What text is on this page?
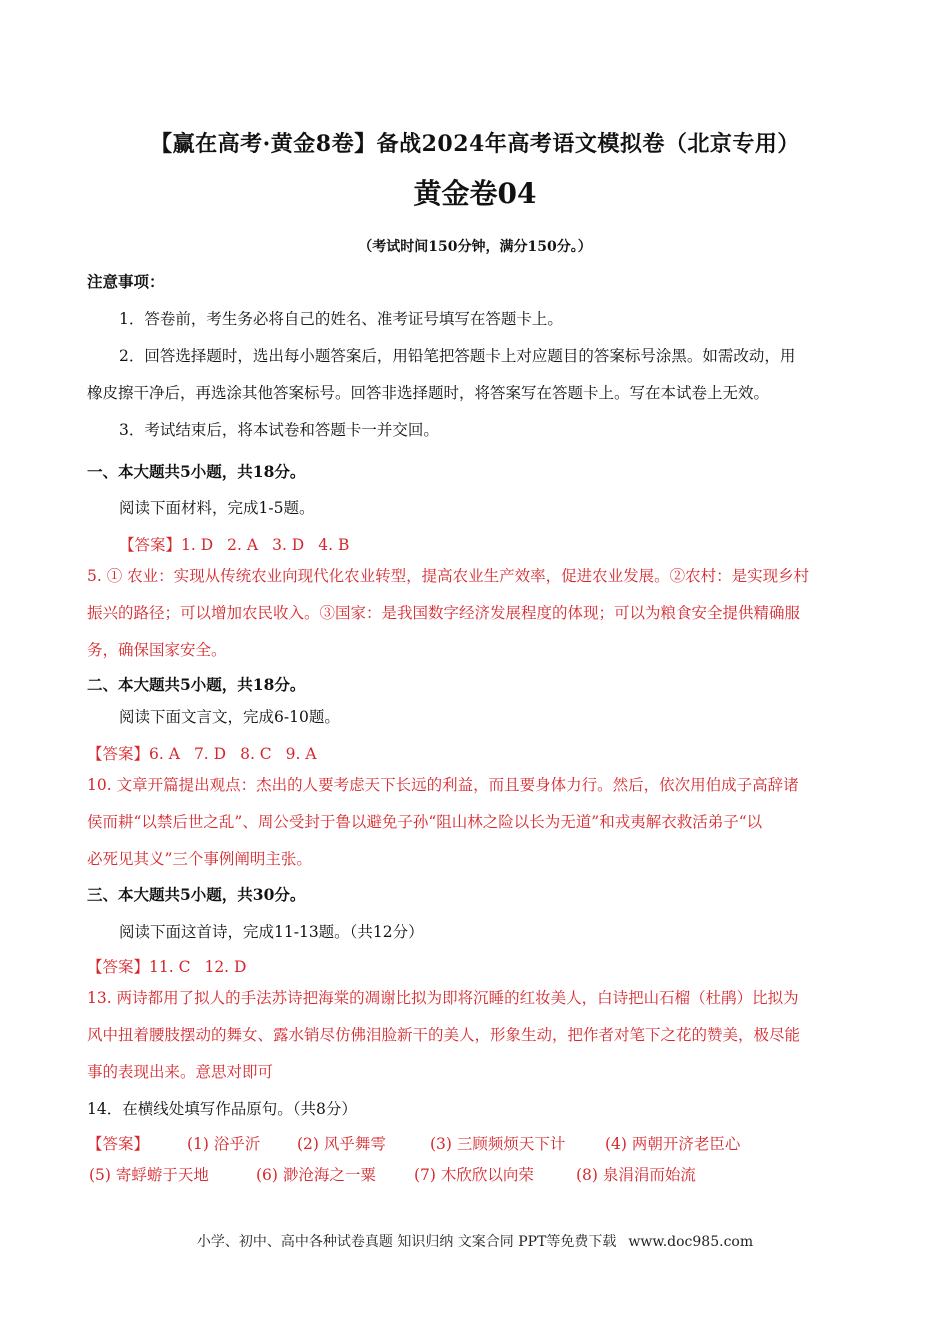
【赢在高考·黄金8卷】备战2024年高考语文模拟卷（北京专用）
黄金卷04
（考试时间150分钟，满分150分。）
注意事项：
1．答卷前，考生务必将自己的姓名、准考证号填写在答题卡上。
2．回答选择题时，选出每小题答案后，用铅笔把答题卡上对应题目的答案标号涂黑。如需改动，用
橡皮擦干净后，再选涂其他答案标号。回答非选择题时，将答案写在答题卡上。写在本试卷上无效。
3．考试结束后，将本试卷和答题卡一并交回。
一、本大题共5小题，共18分。
阅读下面材料，完成1-5题。
【答案】1. D 2. A 3. D 4. B
5. ① 农业：实现从传统农业向现代化农业转型，提高农业生产效率，促进农业发展。②农村：是实现乡村
振兴的路径；可以增加农民收入。③国家：是我国数字经济发展程度的体现；可以为粮食安全提供精确服
务，确保国家安全。
二、本大题共5小题，共18分。
阅读下面文言文，完成6-10题。
【答案】6. A 7. D 8. C 9. A
10. 文章开篇提出观点：杰出的人要考虑天下长远的利益，而且要身体力行。然后，依次用伯成子高辞诸
侯而耕“以禁后世之乱”、周公受封于鲁以避免子孙“阻山林之险以长为无道”和戎夷解衣救活弟子“以
必死见其义”三个事例阐明主张。
三、本大题共5小题，共30分。
阅读下面这首诗，完成11-13题。（共12分）
【答案】11. C 12. D
13. 两诗都用了拟人的手法苏诗把海棠的凋谢比拟为即将沉睡的红妆美人，白诗把山石榴（杜鹃）比拟为
风中扭着腰肢摆动的舞女、露水销尽仿佛泪脸新干的美人，形象生动，把作者对笔下之花的赞美，极尽能
事的表现出来。意思对即可
14．在横线处填写作品原句。（共8分）
【答案】 (1) 浴乎沂 (2) 风乎舞雩	(3) 三顾频烦天下计	(4) 两朝开济老臣心
(5) 寄蜉蝣于天地	(6) 渺沧海之一粟 (7) 木欣欣以向荣	(8) 泉涓涓而始流
小学、初中、高中各种试卷真题 知识归纳 文案合同 PPT等免费下载 www.doc985.com
